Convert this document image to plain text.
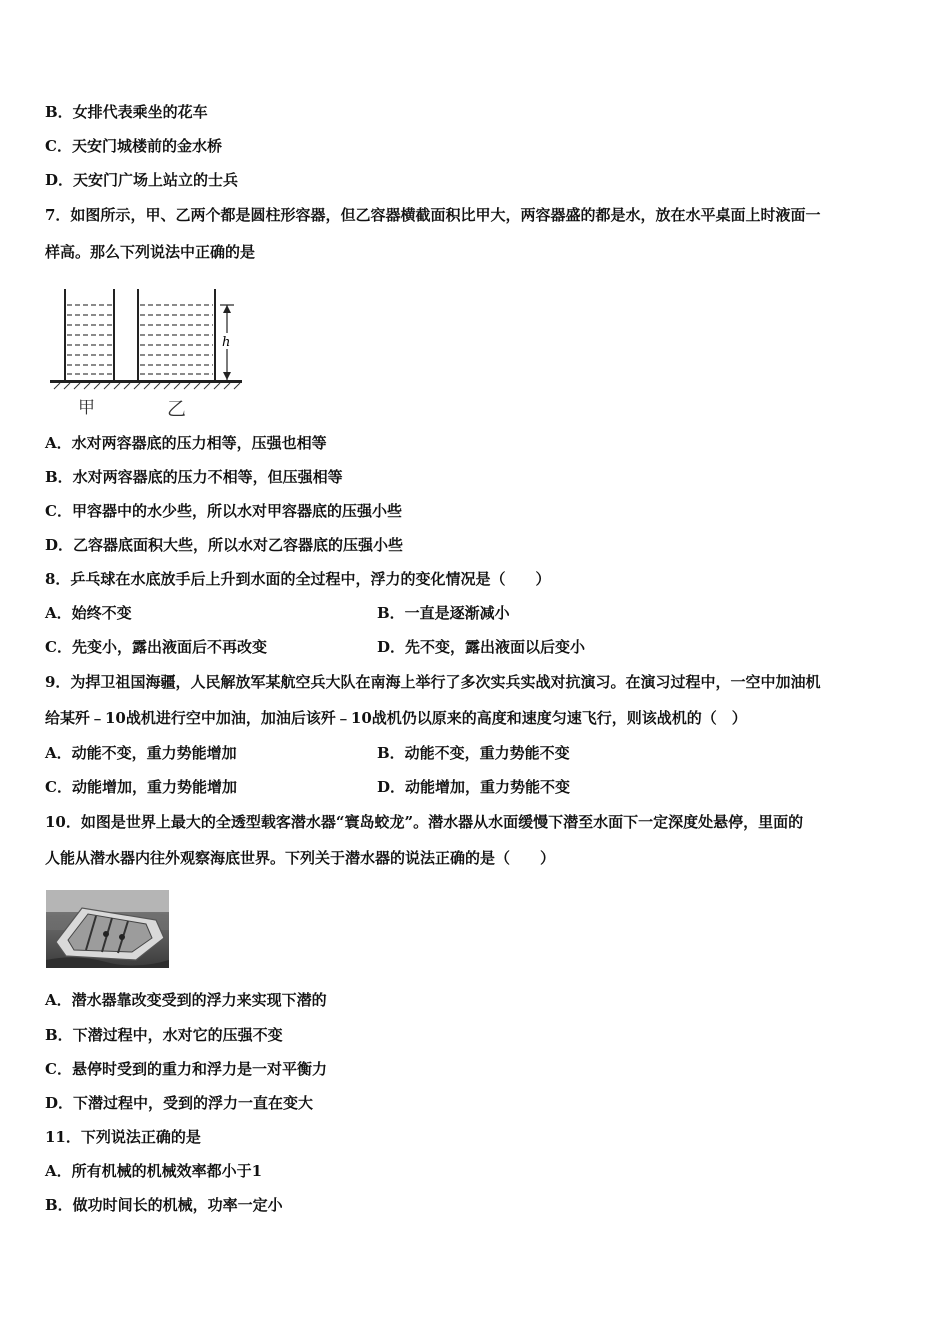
B．女排代表乘坐的花车
C．天安门城楼前的金水桥
D．天安门广场上站立的士兵
7．如图所示，甲、乙两个都是圆柱形容器，但乙容器横截面积比甲大，两容器盛的都是水，放在水平桌面上时液面一
样高。那么下列说法中正确的是
h
甲	乙
A．水对两容器底的压力相等，压强也相等
B．水对两容器底的压力不相等，但压强相等
C．甲容器中的水少些，所以水对甲容器底的压强小些
D．乙容器底面积大些，所以水对乙容器底的压强小些
8．乒乓球在水底放手后上升到水面的全过程中，浮力的变化情况是（　　）
A．始终不变	B．一直是逐渐减小
C．先变小，露出液面后不再改变	D．先不变，露出液面以后变小
9．为捍卫祖国海疆，人民解放军某航空兵大队在南海上举行了多次实兵实战对抗演习。在演习过程中，一空中加油机
给某歼﹣10战机进行空中加油，加油后该歼﹣10战机仍以原来的高度和速度匀速飞行，则该战机的（　）
A．动能不变，重力势能增加	B．动能不变，重力势能不变
C．动能增加，重力势能增加	D．动能增加，重力势能不变
10．如图是世界上最大的全透型载客潜水器“寰岛蛟龙”。潜水器从水面缓慢下潜至水面下一定深度处悬停，里面的
人能从潜水器内往外观察海底世界。下列关于潜水器的说法正确的是（　　）
A．潜水器靠改变受到的浮力来实现下潜的
B．下潜过程中，水对它的压强不变
C．悬停时受到的重力和浮力是一对平衡力
D．下潜过程中，受到的浮力一直在变大
11．下列说法正确的是
A．所有机械的机械效率都小于1
B．做功时间长的机械，功率一定小
